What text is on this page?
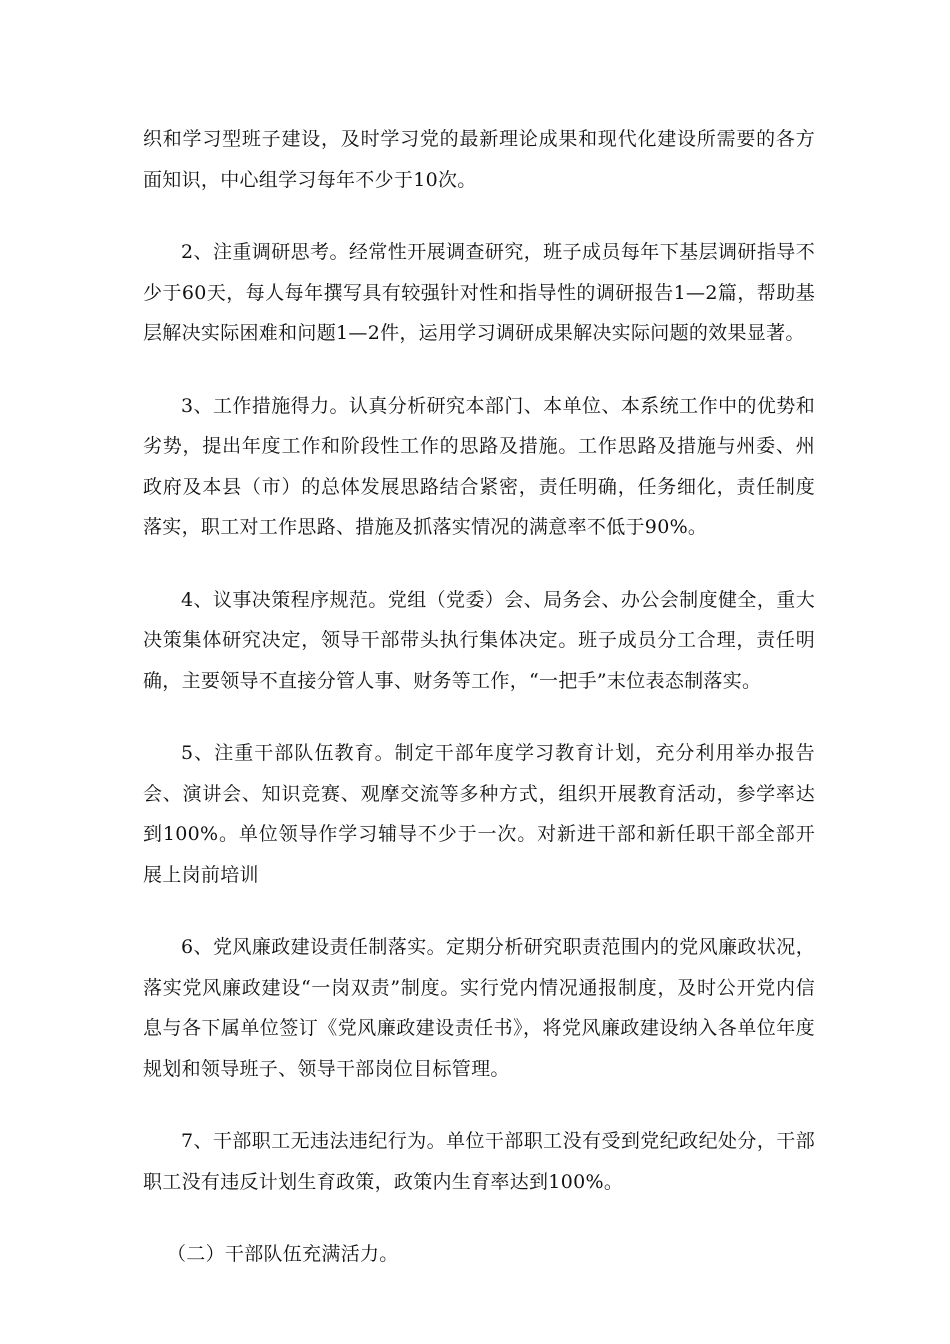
织和学习型班子建设，及时学习党的最新理论成果和现代化建设所需要的各方面知识，中心组学习每年不少于10次。

2、注重调研思考。经常性开展调查研究，班子成员每年下基层调研指导不少于60天，每人每年撰写具有较强针对性和指导性的调研报告1—2篇，帮助基层解决实际困难和问题1—2件，运用学习调研成果解决实际问题的效果显著。

3、工作措施得力。认真分析研究本部门、本单位、本系统工作中的优势和劣势，提出年度工作和阶段性工作的思路及措施。工作思路及措施与州委、州政府及本县（市）的总体发展思路结合紧密，责任明确，任务细化，责任制度落实，职工对工作思路、措施及抓落实情况的满意率不低于90%。

4、议事决策程序规范。党组（党委）会、局务会、办公会制度健全，重大决策集体研究决定，领导干部带头执行集体决定。班子成员分工合理，责任明确，主要领导不直接分管人事、财务等工作，“一把手”末位表态制落实。

5、注重干部队伍教育。制定干部年度学习教育计划，充分利用举办报告会、演讲会、知识竞赛、观摩交流等多种方式，组织开展教育活动，参学率达到100%。单位领导作学习辅导不少于一次。对新进干部和新任职干部全部开展上岗前培训

6、党风廉政建设责任制落实。定期分析研究职责范围内的党风廉政状况，落实党风廉政建设“一岗双责”制度。实行党内情况通报制度，及时公开党内信息与各下属单位签订《党风廉政建设责任书》，将党风廉政建设纳入各单位年度规划和领导班子、领导干部岗位目标管理。

7、干部职工无违法违纪行为。单位干部职工没有受到党纪政纪处分，干部职工没有违反计划生育政策，政策内生育率达到100%。

（二）干部队伍充满活力。
